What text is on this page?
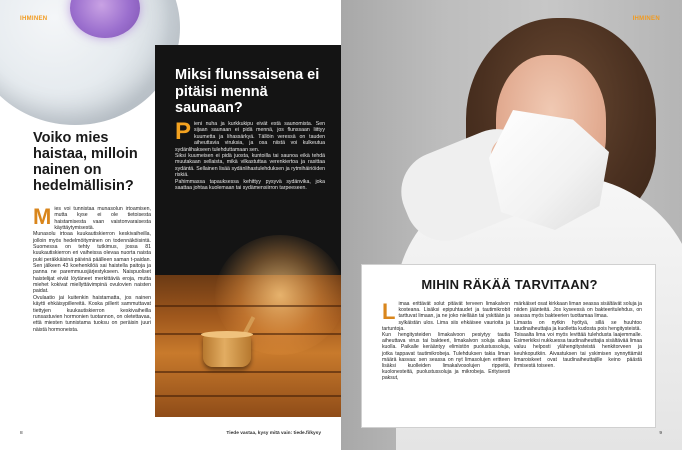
IHMINEN
Voiko mies haistaa, milloin nainen on hedelmällisin?
M ies voi tunnistaa munasolun irtoamisen, mutta kyse ei ole tietoisesta haistamisesta vaan vaistonvaraisesta käyttäytymisestä.

Munasolu irtoaa kuukautiskierron keskivaiheilla, jolloin myös hedelmöityminen on todennäköisintä. Suomessa on tehty tutkimus, jossa 81 kuukautiskierron eri vaiheissa olevaa nuorta naista puki peräkkäisinä päivinä päälleen saman t-paidan. Sen jälkeen 43 koehenkilöä sai haistella paitoja ja panna ne paremmuusjärjestykseen. Naispuoliset haistelijat eivät löytäneet merkittäviä eroja, mutta miehet kokivat miellyttävimpinä ovulovien naisten paidat.

Ovulaatio jai kuitenkin haistamatta, jos nainen käytti ehkäisypillereitä. Koska pillerit sammuttavat tiettyjen kuukautiskierron keskivaiheilla runsastuvien hormonien tuotannon, on oletettavaa, että miesten tunnistama tuoksu on peräisin juuri näistä hormoneista.

Miksi flunssaisena ei pitäisi mennä saunaan?
P ieni nuha ja kurkkukipu eivät estä saunomista. Sen sijaan saunaan ei pidä mennä, jos flunssaan liittyy kuumetta ja lihassärkyä. Tällöin veressä on tauden aiheuttavia viruksia, ja osa niistä voi kulkeutua sydänlihakseen tulehduttamaan sen.

Siksi kuumeisen ei pidä juosta, kuntoilla tai saunoa eikä tehdä muutakaan sellaista, mikä vilkastuttaa verenkiertoa ja rasittaa sydäntä. Sellainen lisää sydänlihastulehduksen ja rytmihäiriöiden riskiä.

Pahimmassa tapauksessa kehittyy pysyvä sydänvika, joka saattaa johtaa kuolemaan tai sydämensiirron tarpeeseen.

8	Tiede vastaa, kysy mitä vain: tiede.fi/kysy
IHMINEN
9
MIHIN RÄKÄÄ TARVITAAN?
L imaa erittävät solut pitävät terveen limakalvon kosteana. Lisäksi epipuhtaudet ja tautimikrobit tarttuvat limaan, ja ne joko niellään tai yskitään ja sylkäistän ulos. Lima siis ehkäisee vaurioita ja tartuntoja.

Kun hengitysteiden limakalvoon pesiytyy tautia aiheuttava virus tai bakteeri, limakalvon soluja alkaa kuolla. Paikalle kerääntyy elimistön puolustussoluja, jotka tappavat tautimikrobeja. Tulehduksen takia liman määrä kasvaa: sen seassa on nyt limasolujen eritteen lisäksi kuolleiden limakalvosolujen rippeitä, kuolonesteitä, puolustussoluja ja mikrobeja. Erityisesti paksut,

märkäiset osat kirkkaan liman seassa sisältävät soluja ja niiden jäänteitä. Jos kyseessä on bakteeritulehdus, on seassa myös bakteerien tuottamaa limaa.

Limasta on nytkin hyötyä, sillä se huuhtoo taudinaiheuttajia ja kuolletta kudosta pois hengitysteistä.

Toisaalta lima voi myös levittää tulehdusta laajemmalle. Esimerkiksi nukkuessa taudinaiheuttajia sisältävää limaa valuu helposti ylähengitysteistä henkitorveen ja keuhkoputkiin. Aivastuksen tai yskimisen synnyttämät limaroiskeet ovat taudinaiheuttajille keino päästä ihmisestä toiseen.
